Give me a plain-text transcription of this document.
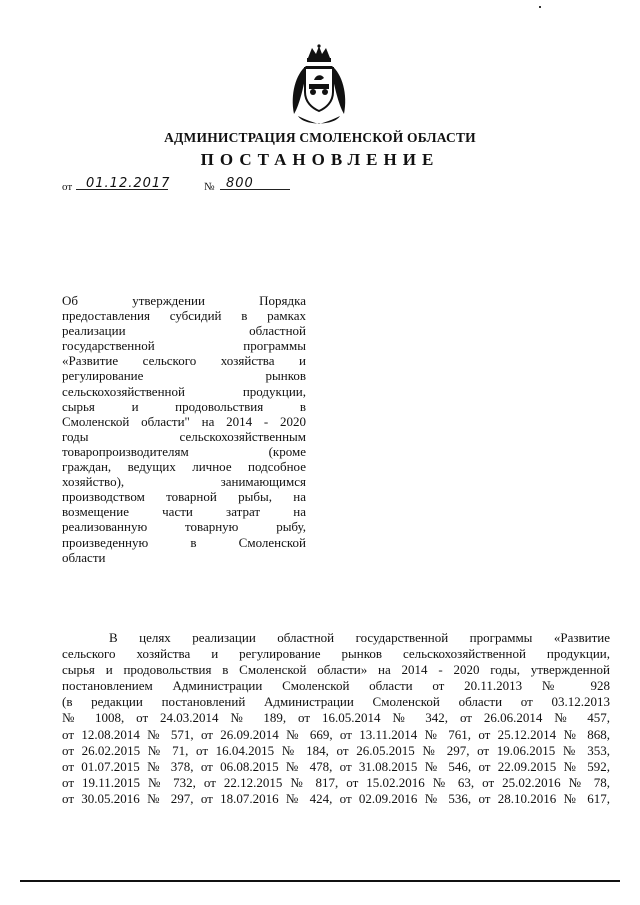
АДМИНИСТРАЦИЯ СМОЛЕНСКОЙ ОБЛАСТИ
ПОСТАНОВЛЕНИЕ
от	01.12.2017	№ 800
Об утверждении Порядка
предоставления субсидий в рамках
реализации областной
государственной программы
«Развитие сельского хозяйства и
регулирование рынков
сельскохозяйственной продукции,
сырья и продовольствия в
Смоленской области" на 2014 - 2020
годы сельскохозяйственным
товаропроизводителям (кроме
граждан, ведущих личное подсобное
хозяйство), занимающимся
производством товарной рыбы, на
возмещение части затрат на
реализованную товарную рыбу,
произведенную в Смоленской
области
В целях реализации областной государственной программы «Развитие
сельского хозяйства и регулирование рынков сельскохозяйственной продукции,
сырья и продовольствия в Смоленской области» на 2014 - 2020 годы, утвержденной
постановлением Администрации Смоленской области от 20.11.2013 № 928
(в редакции постановлений Администрации Смоленской области от 03.12.2013
№ 1008, от 24.03.2014 № 189, от 16.05.2014 № 342, от 26.06.2014 № 457,
от 12.08.2014 № 571, от 26.09.2014 № 669, от 13.11.2014 № 761, от 25.12.2014 № 868,
от 26.02.2015 № 71, от 16.04.2015 № 184, от 26.05.2015 № 297, от 19.06.2015 № 353,
от 01.07.2015 № 378, от 06.08.2015 № 478, от 31.08.2015 № 546, от 22.09.2015 № 592,
от 19.11.2015 № 732, от 22.12.2015 № 817, от 15.02.2016 № 63, от 25.02.2016 № 78,
от 30.05.2016 № 297, от 18.07.2016 № 424, от 02.09.2016 № 536, от 28.10.2016 № 617,
